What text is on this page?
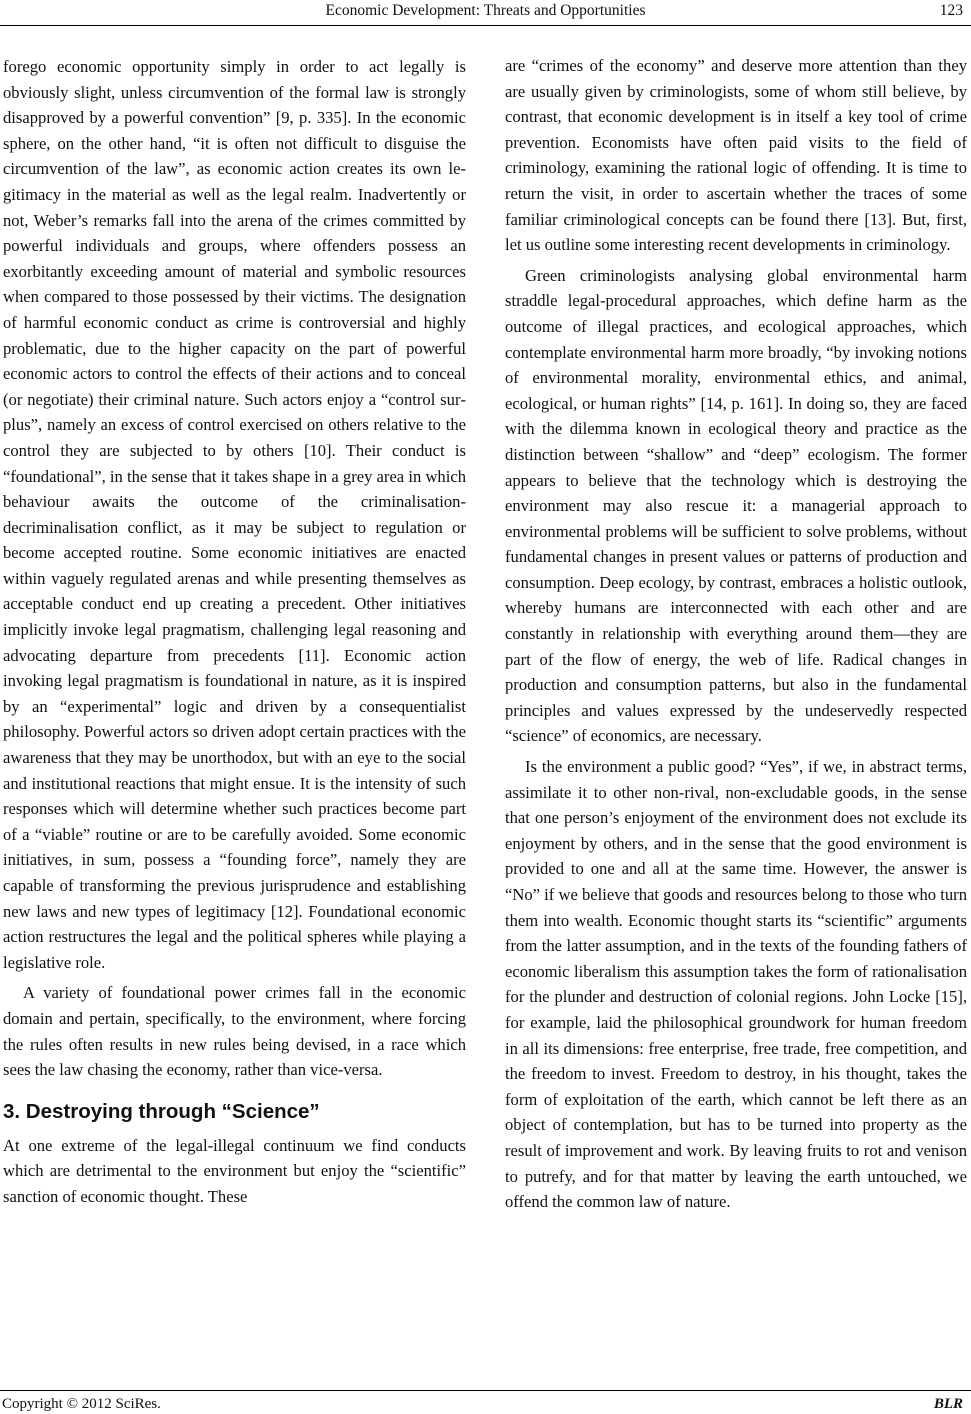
Economic Development: Threats and Opportunities	123

forego economic opportunity simply in order to act legally is obviously slight, unless circumvention of the formal law is strongly disapproved by a powerful convention” [9, p. 335]. In the economic sphere, on the other hand, “it is often not difficult to disguise the circumvention of the law”, as economic action creates its own legitimacy in the material as well as the legal realm. Inadvertently or not, Weber’s remarks fall into the arena of the crimes committed by powerful individuals and groups, where offenders possess an exorbitantly exceeding amount of material and symbolic resources when compared to those possessed by their victims. The designation of harmful economic conduct as crime is controversial and highly problematic, due to the higher capacity on the part of powerful economic actors to control the effects of their actions and to conceal (or negotiate) their criminal nature. Such actors enjoy a “control surplus”, namely an excess of control exercised on others relative to the control they are subjected to by others [10]. Their conduct is “foundational”, in the sense that it takes shape in a grey area in which behaviour awaits the outcome of the criminalisation-decriminalisation conflict, as it may be subject to regulation or become accepted routine. Some economic initiatives are enacted within vaguely regulated arenas and while presenting themselves as acceptable conduct end up creating a precedent. Other initiatives implicitly invoke legal pragmatism, challenging legal reasoning and advocating departure from precedents [11]. Economic action invoking legal pragmatism is foundational in nature, as it is inspired by an “experimental” logic and driven by a consequentialist philosophy. Powerful actors so driven adopt certain practices with the awareness that they may be unorthodox, but with an eye to the social and institutional reactions that might ensue. It is the intensity of such responses which will determine whether such practices become part of a “viable” routine or are to be carefully avoided. Some economic initiatives, in sum, possess a “founding force”, namely they are capable of transforming the previous jurisprudence and establishing new laws and new types of legitimacy [12]. Foundational economic action restructures the legal and the political spheres while playing a legislative role.

A variety of foundational power crimes fall in the economic domain and pertain, specifically, to the environment, where forcing the rules often results in new rules being devised, in a race which sees the law chasing the economy, rather than vice-versa.

3. Destroying through “Science”

At one extreme of the legal-illegal continuum we find conducts which are detrimental to the environment but enjoy the “scientific” sanction of economic thought. These

are “crimes of the economy” and deserve more attention than they are usually given by criminologists, some of whom still believe, by contrast, that economic development is in itself a key tool of crime prevention. Economists have often paid visits to the field of criminology, examining the rational logic of offending. It is time to return the visit, in order to ascertain whether the traces of some familiar criminological concepts can be found there [13]. But, first, let us outline some interesting recent developments in criminology.

Green criminologists analysing global environmental harm straddle legal-procedural approaches, which define harm as the outcome of illegal practices, and ecological approaches, which contemplate environmental harm more broadly, “by invoking notions of environmental morality, environmental ethics, and animal, ecological, or human rights” [14, p. 161]. In doing so, they are faced with the dilemma known in ecological theory and practice as the distinction between “shallow” and “deep” ecologism. The former appears to believe that the technology which is destroying the environment may also rescue it: a managerial approach to environmental problems will be sufficient to solve problems, without fundamental changes in present values or patterns of production and consumption. Deep ecology, by contrast, embraces a holistic outlook, whereby humans are interconnected with each other and are constantly in relationship with everything around them—they are part of the flow of energy, the web of life. Radical changes in production and consumption patterns, but also in the fundamental principles and values expressed by the undeservedly respected “science” of economics, are necessary.

Is the environment a public good? “Yes”, if we, in abstract terms, assimilate it to other non-rival, non-excludable goods, in the sense that one person’s enjoyment of the environment does not exclude its enjoyment by others, and in the sense that the good environment is provided to one and all at the same time. However, the answer is “No” if we believe that goods and resources belong to those who turn them into wealth. Economic thought starts its “scientific” arguments from the latter assumption, and in the texts of the founding fathers of economic liberalism this assumption takes the form of rationalisation for the plunder and destruction of colonial regions. John Locke [15], for example, laid the philosophical groundwork for human freedom in all its dimensions: free enterprise, free trade, free competition, and the freedom to invest. Freedom to destroy, in his thought, takes the form of exploitation of the earth, which cannot be left there as an object of contemplation, but has to be turned into property as the result of improvement and work. By leaving fruits to rot and venison to putrefy, and for that matter by leaving the earth untouched, we offend the common law of nature.

Copyright © 2012 SciRes.	BLR
